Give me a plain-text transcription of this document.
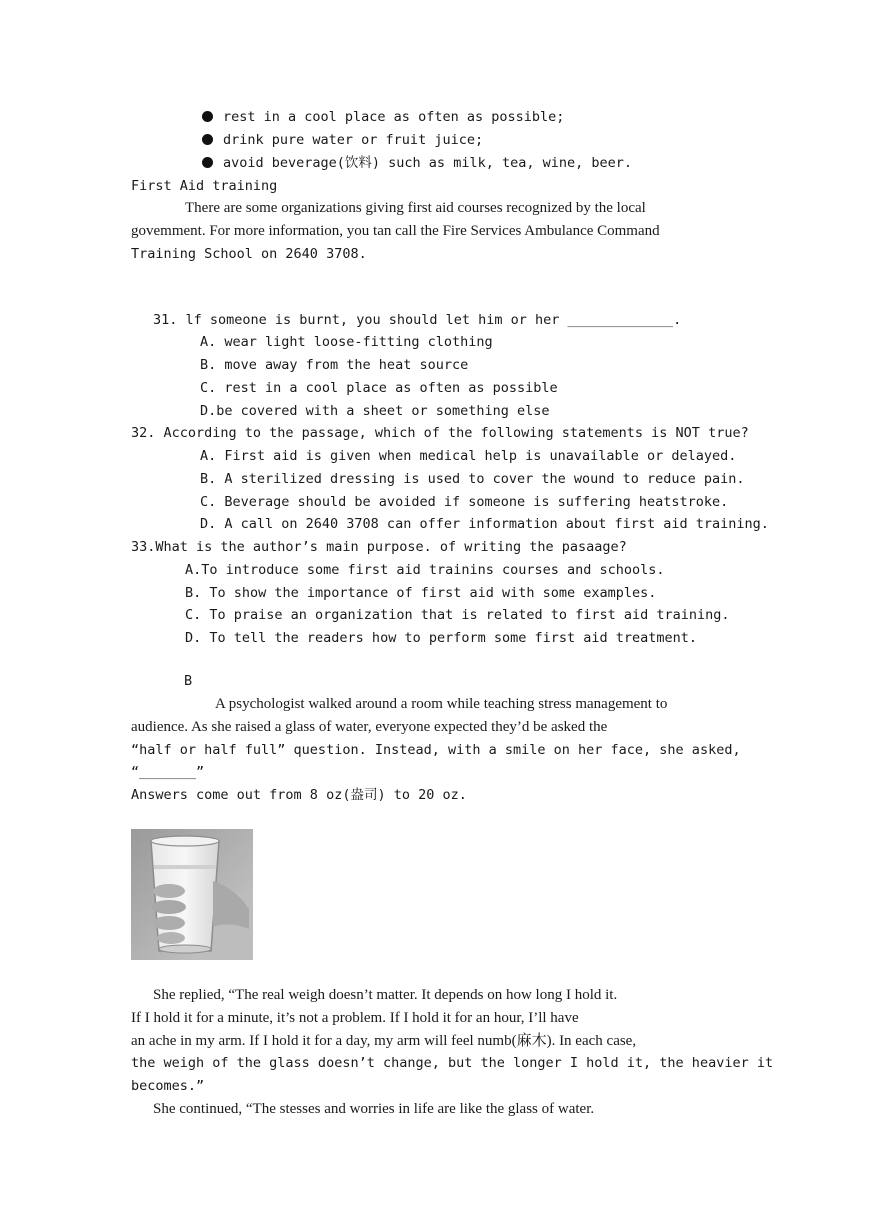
rest in a cool place as often as possible;
drink pure water or fruit juice;
avoid beverage(饮料) such as milk, tea, wine, beer.
First Aid training
There are some organizations giving first aid courses recognized by the local
govemment. For more information, you tan call the Fire Services Ambulance Command
Training School on 2640 3708.
31. lf someone is burnt, you should let him or her _____________.
A. wear light loose-fitting clothing
B. move away from the heat source
C. rest in a cool place as often as possible
D.be covered with a sheet or something else
32. According to the passage, which of the following statements is NOT true?
A. First aid is given when medical help is unavailable or delayed.
B. A sterilized dressing is used to cover the wound to reduce pain.
C. Beverage should be avoided if someone is suffering heatstroke.
D. A call on 2640 3708 can offer information about first aid training.
33.What is the author’s main purpose. of writing the pasaage?
A.To introduce some first aid trainins courses and schools.
B. To show the importance of first aid with some examples.
C. To praise an organization that is related to first aid training.
D. To tell the readers how to perform some first aid treatment.
B
A psychologist walked around a room while teaching stress management to
audience. As she raised a glass of water, everyone expected they’d be asked the
“half or half full” question. Instead, with a smile on her face, she asked,
“_______”
Answers come out from 8 oz(盎司) to 20 oz.
She replied, “The real weigh doesn’t matter. It depends on how long I hold it.
If I hold it for a minute, it’s not a problem. If I hold it for an hour, I’ll have
an ache in my arm. If I hold it for a day, my arm will feel numb(麻木). In each case,
the weigh of the glass doesn’t change, but the longer I hold it, the heavier it
becomes.”
She continued, “The stesses and worries in life are like the glass of water.
